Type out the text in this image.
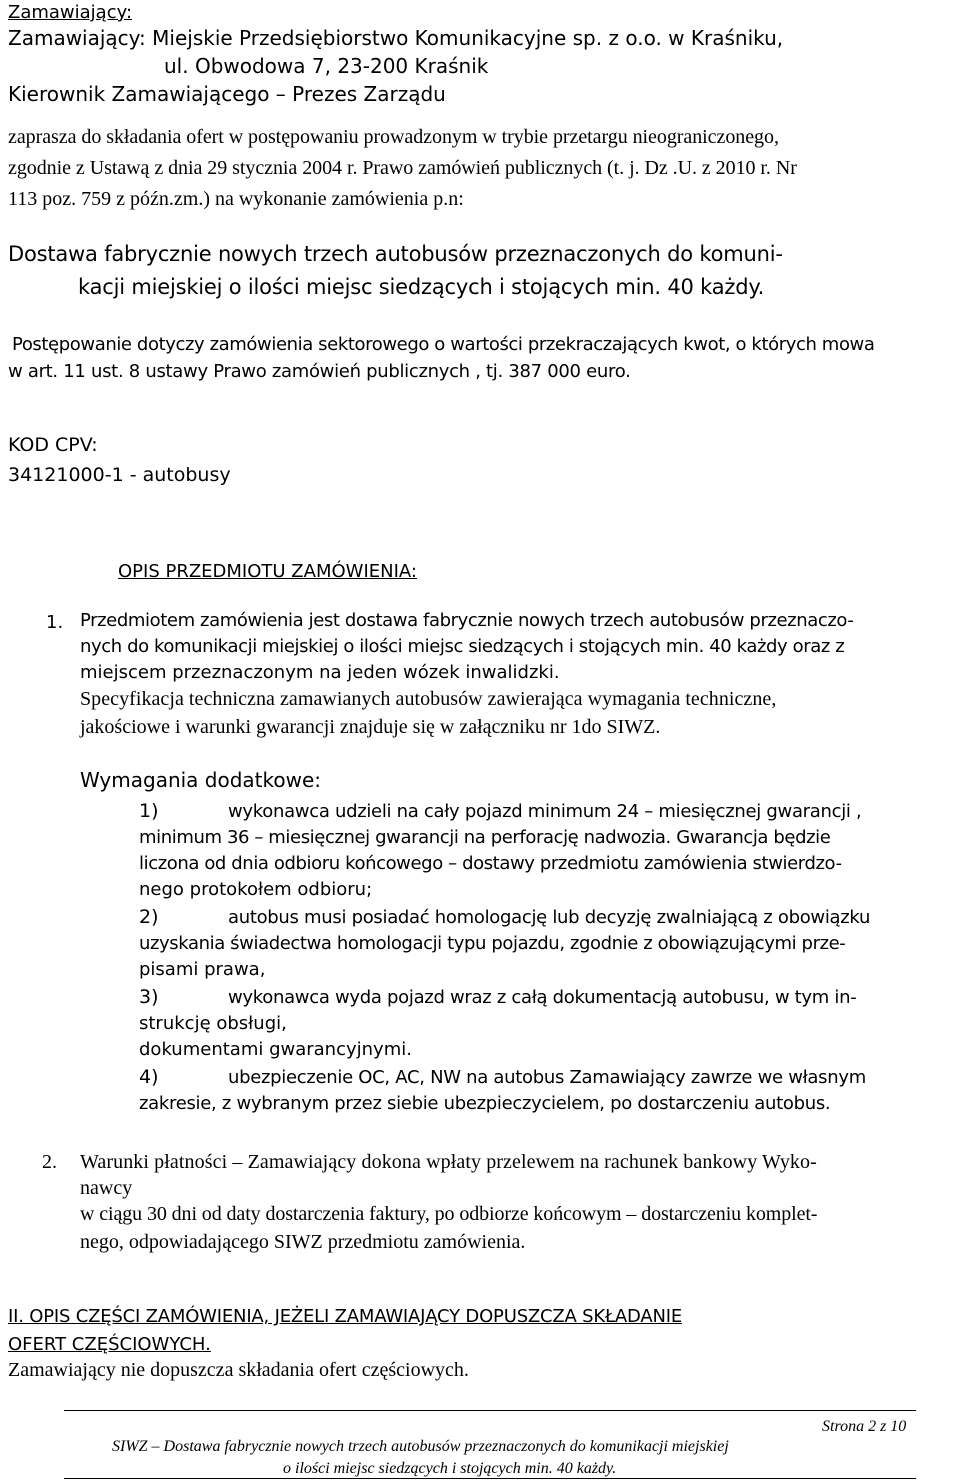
Zamawiający:
Zamawiający: Miejskie Przedsiębiorstwo Komunikacyjne sp. z o.o. w Kraśniku,
ul. Obwodowa 7, 23-200 Kraśnik
Kierownik Zamawiającego – Prezes Zarządu
zaprasza do składania ofert w postępowaniu prowadzonym w trybie przetargu nieograniczonego,
zgodnie z Ustawą z dnia 29 stycznia 2004 r. Prawo zamówień publicznych (t. j. Dz .U. z 2010 r. Nr
113 poz. 759 z późn.zm.) na wykonanie zamówienia p.n:
Dostawa fabrycznie nowych trzech autobusów przeznaczonych do komuni-
kacji miejskiej o ilości miejsc siedzących i stojących min. 40 każdy.
Postępowanie dotyczy zamówienia sektorowego o wartości przekraczających kwot, o których mowa
w art. 11 ust. 8 ustawy Prawo zamówień publicznych , tj. 387 000 euro.
KOD CPV:
34121000-1 - autobusy
OPIS PRZEDMIOTU ZAMÓWIENIA:
1. Przedmiotem zamówienia jest dostawa fabrycznie nowych trzech autobusów przeznaczo-
nych do komunikacji miejskiej o ilości miejsc siedzących i stojących min. 40 każdy oraz z
miejscem przeznaczonym na jeden wózek inwalidzki.
Specyfikacja techniczna zamawianych autobusów zawierająca wymagania techniczne,
jakościowe i warunki gwarancji znajduje się w załączniku nr 1do SIWZ.
Wymagania dodatkowe:
1)	wykonawca udzieli na cały pojazd minimum 24 – miesięcznej gwarancji ,
minimum 36 – miesięcznej gwarancji na perforację nadwozia. Gwarancja będzie
liczona od dnia odbioru końcowego – dostawy przedmiotu zamówienia stwierdzo-
nego protokołem odbioru;
2)	autobus musi posiadać homologację lub decyzję zwalniającą z obowiązku
uzyskania świadectwa homologacji typu pojazdu, zgodnie z obowiązującymi prze-
pisami prawa,
3)	wykonawca wyda pojazd wraz z całą dokumentacją autobusu, w tym in-
strukcję obsługi,
dokumentami gwarancyjnymi.
4)	ubezpieczenie OC, AC, NW na autobus Zamawiający zawrze we własnym
zakresie, z wybranym przez siebie ubezpieczycielem, po dostarczeniu autobus.
2. Warunki płatności – Zamawiający dokona wpłaty przelewem na rachunek bankowy Wyko-
nawcy
w ciągu 30 dni od daty dostarczenia faktury, po odbiorze końcowym – dostarczeniu komplet-
nego, odpowiadającego SIWZ przedmiotu zamówienia.
II. OPIS CZĘŚCI ZAMÓWIENIA, JEŻELI ZAMAWIAJĄCY DOPUSZCZA SKŁADANIE
OFERT CZĘŚCIOWYCH.
Zamawiający nie dopuszcza składania ofert częściowych.
Strona 2 z 10
SIWZ – Dostawa fabrycznie nowych trzech autobusów przeznaczonych do komunikacji miejskiej
o ilości miejsc siedzących i stojących min. 40 każdy.
